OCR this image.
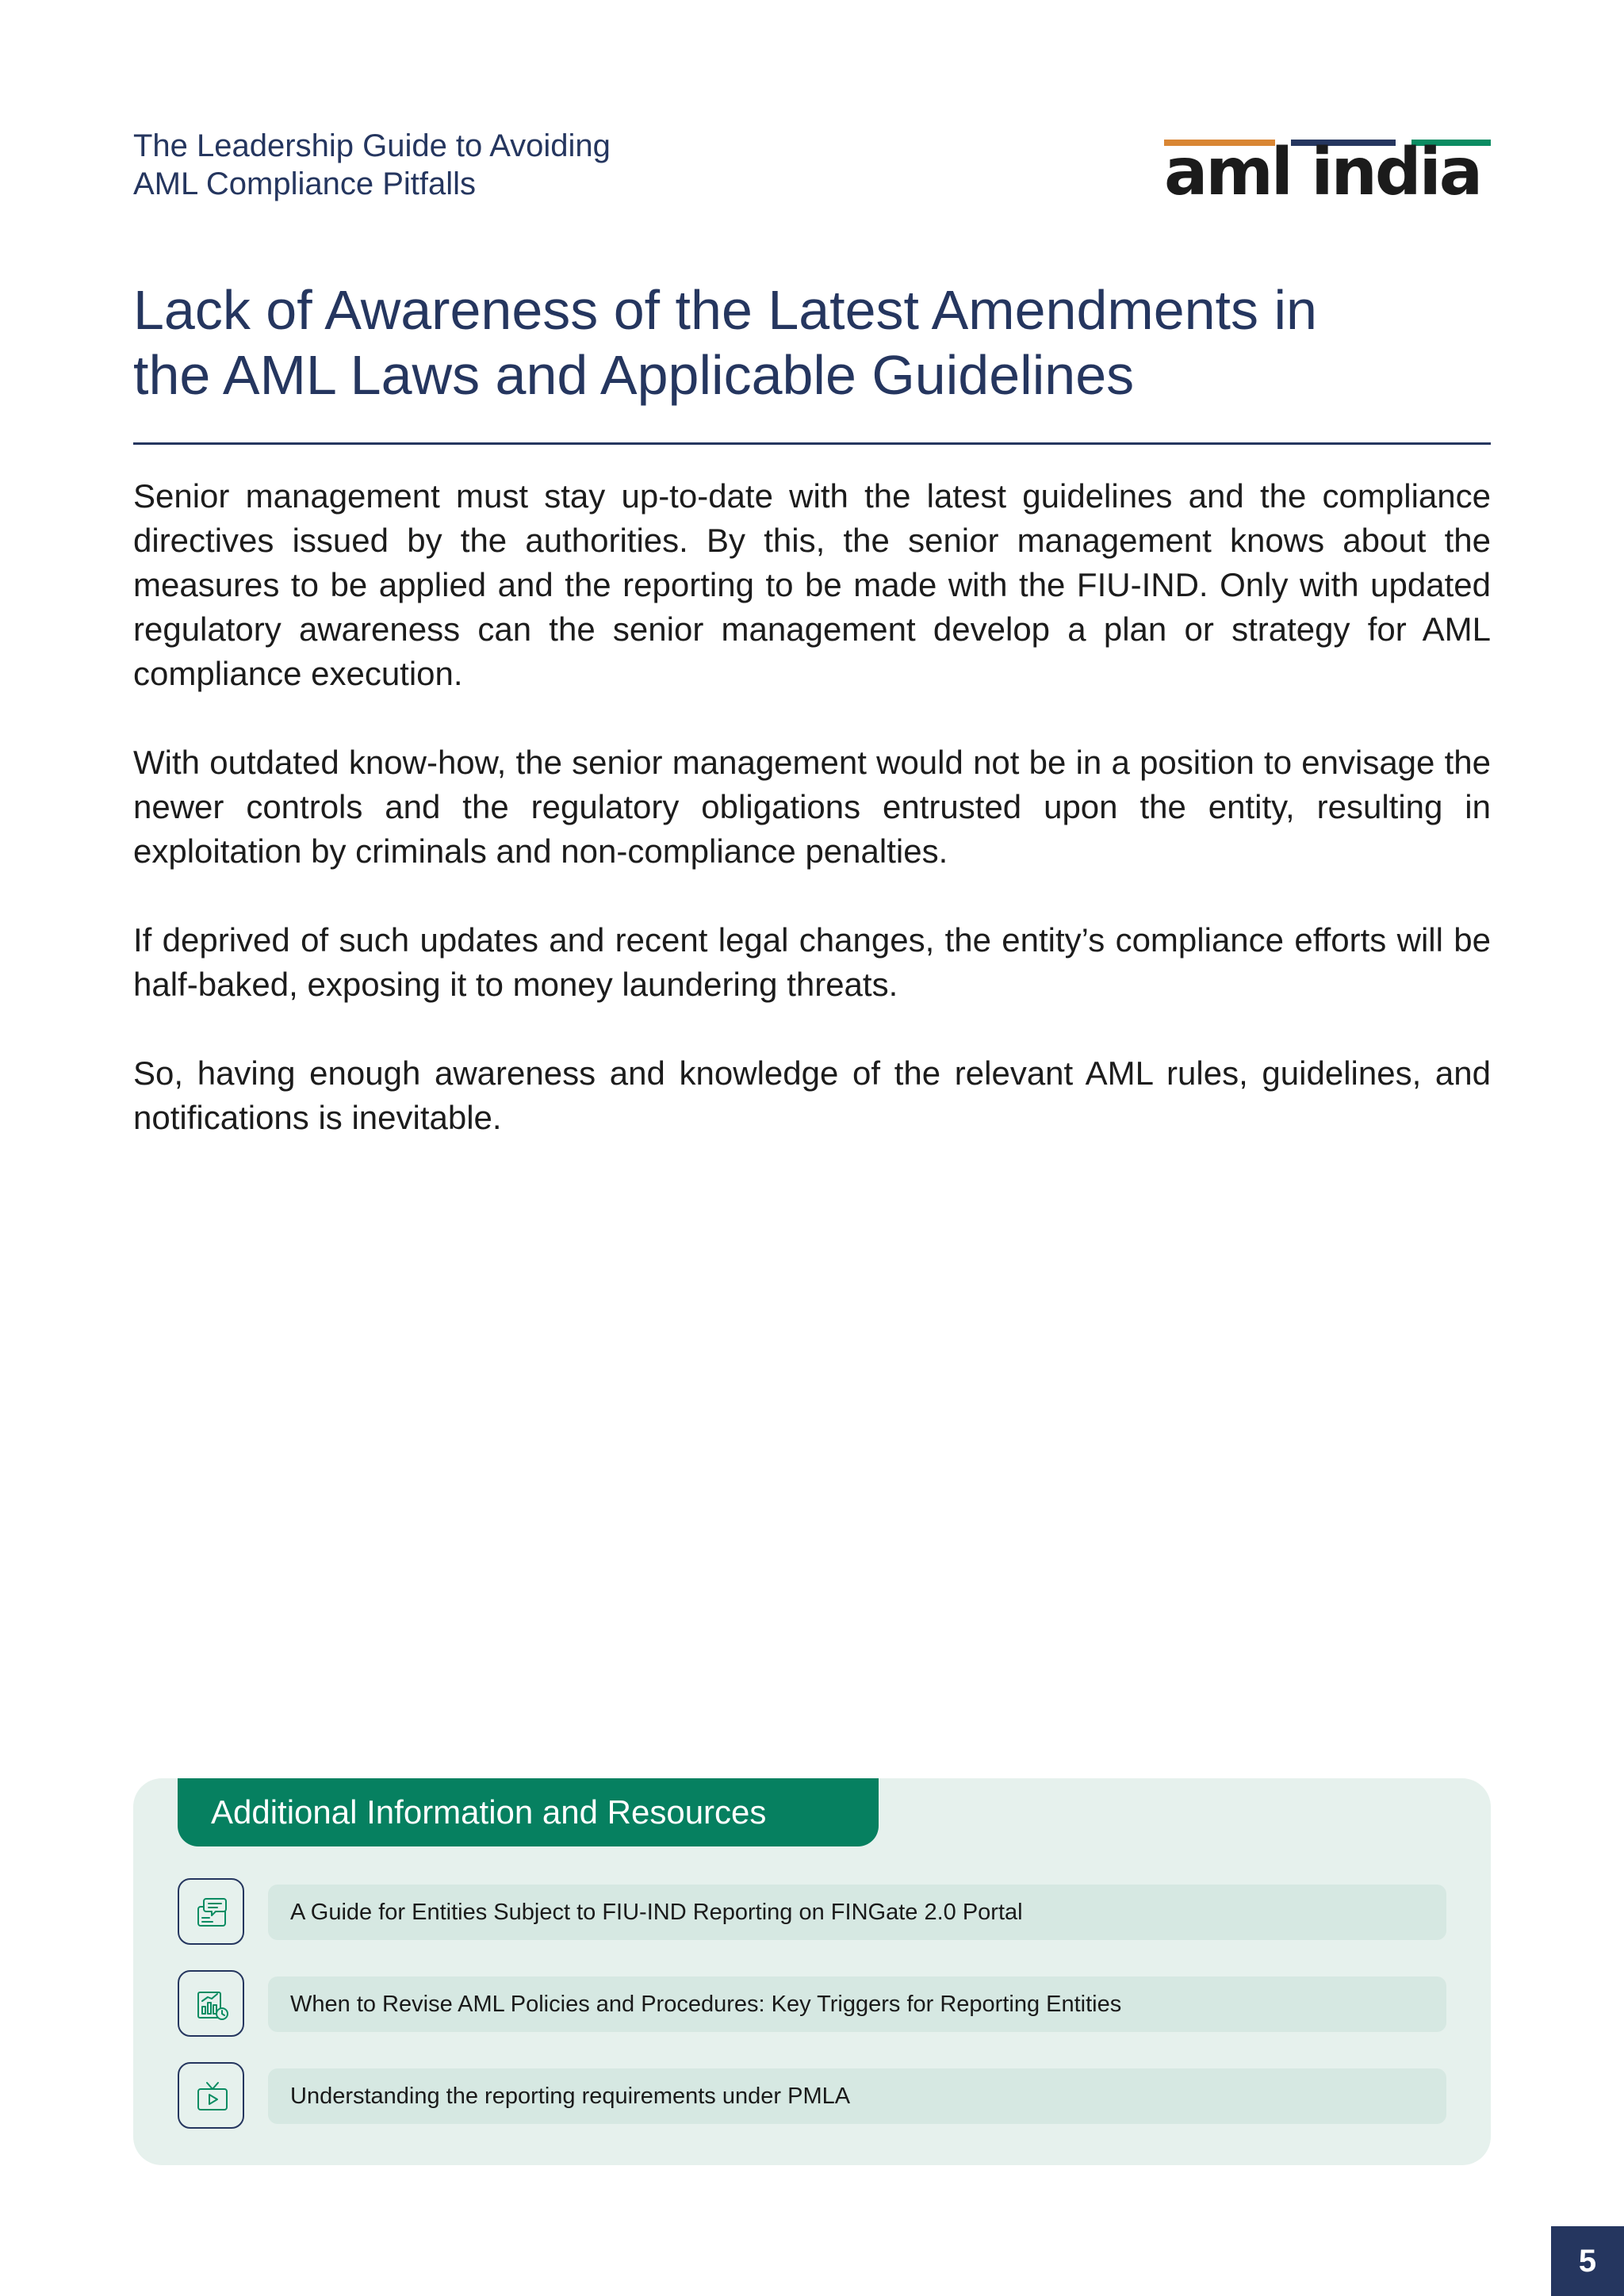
The Leadership Guide to Avoiding
AML Compliance Pitfalls	aml india
Lack of Awareness of the Latest Amendments in
the AML Laws and Applicable Guidelines

Senior management must stay up-to-date with the latest guidelines and the compliance directives issued by the authorities. By this, the senior management knows about the measures to be applied and the reporting to be made with the FIU-IND. Only with updated regulatory awareness can the senior management develop a plan or strategy for AML compliance execution.

With outdated know-how, the senior management would not be in a position to envisage the newer controls and the regulatory obligations entrusted upon the entity, resulting in exploitation by criminals and non-compliance penalties.

If deprived of such updates and recent legal changes, the entity’s compliance efforts will be half-baked, exposing it to money laundering threats.

So, having enough awareness and knowledge of the relevant AML rules, guidelines, and notifications is inevitable.

Additional Information and Resources
A Guide for Entities Subject to FIU-IND Reporting on FINGate 2.0 Portal
When to Revise AML Policies and Procedures: Key Triggers for Reporting Entities
Understanding the reporting requirements under PMLA
5
